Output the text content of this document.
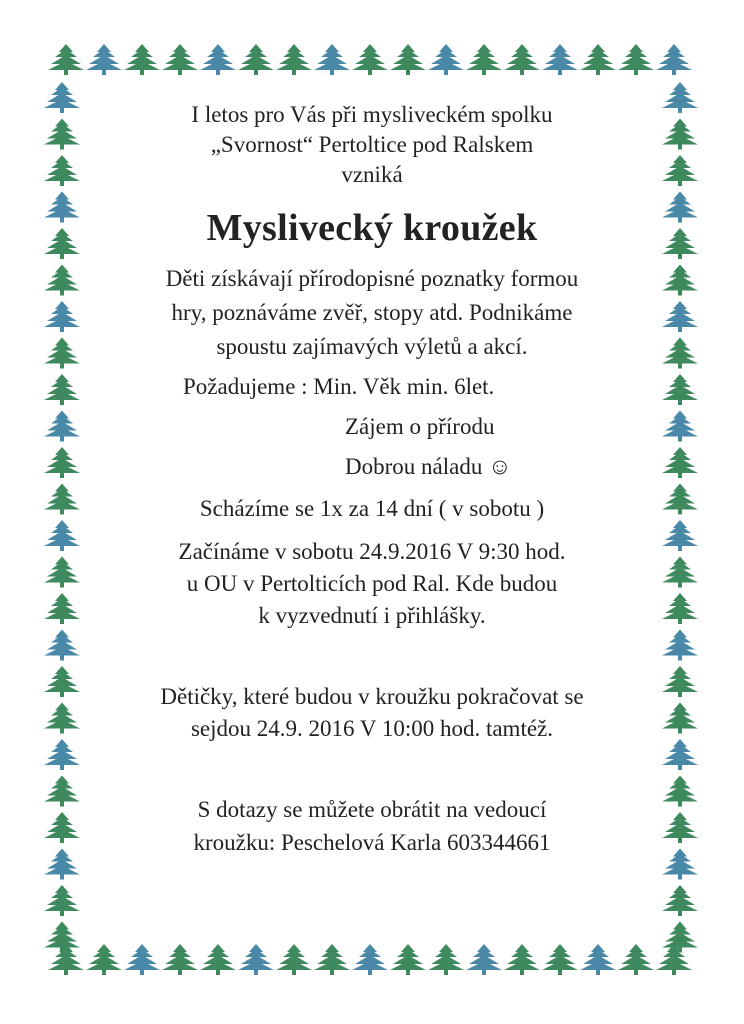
I letos pro Vás při mysliveckém spolku
„Svornost“ Pertoltice pod Ralskem
vzniká
Myslivecký kroužek
Děti získávají přírodopisné poznatky formou
hry, poznáváme zvěř, stopy atd. Podnikáme
spoustu zajímavých výletů a akcí.
Požadujeme : Min. Věk min. 6let.
Zájem o přírodu
Dobrou náladu ☺
Scházíme se 1x za 14 dní ( v sobotu )
Začínáme v sobotu 24.9.2016 V 9:30 hod.
u OU v Pertolticích pod Ral. Kde budou
k vyzvednutí i přihlášky.
Dětičky, které budou v kroužku pokračovat se
sejdou 24.9. 2016 V 10:00 hod. tamtéž.
S dotazy se můžete obrátit na vedoucí
kroužku: Peschelová Karla 603344661
